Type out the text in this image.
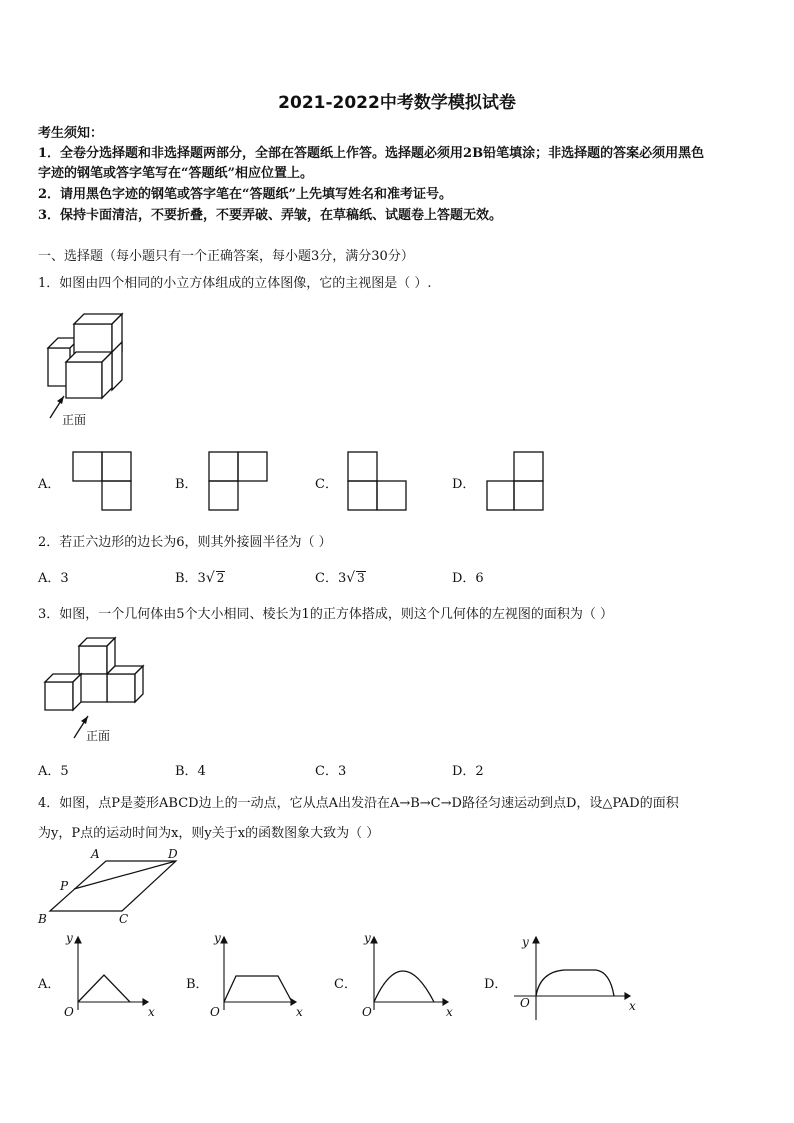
2021-2022中考数学模拟试卷
考生须知：
1．全卷分选择题和非选择题两部分，全部在答题纸上作答。选择题必须用2B铅笔填涂；非选择题的答案必须用黑色
字迹的钢笔或答字笔写在“答题纸”相应位置上。
2．请用黑色字迹的钢笔或答字笔在“答题纸”上先填写姓名和准考证号。
3．保持卡面清洁，不要折叠，不要弄破、弄皱，在草稿纸、试题卷上答题无效。
一、选择题（每小题只有一个正确答案，每小题3分，满分30分）
1．如图由四个相同的小立方体组成的立体图像，它的主视图是（ ）.
正面
A．	B．	C．	D．
2．若正六边形的边长为6，则其外接圆半径为（ ）
A．3	B．3√ 2	C．3√ 3	D．6
3．如图，一个几何体由5个大小相同、棱长为1的正方体搭成，则这个几何体的左视图的面积为（ ）
正面
A．5	B．4	C．3	D．2
4．如图，点P是菱形ABCD边上的一动点，它从点A出发沿在A→B→C→D路径匀速运动到点D，设△PAD的面积
为y，P点的运动时间为x，则y关于x的函数图象大致为（ ）
A	D
P
B	C
A．
y
x
O
B．
y
x
O
C．
y
x
O
D．
y
x
O
